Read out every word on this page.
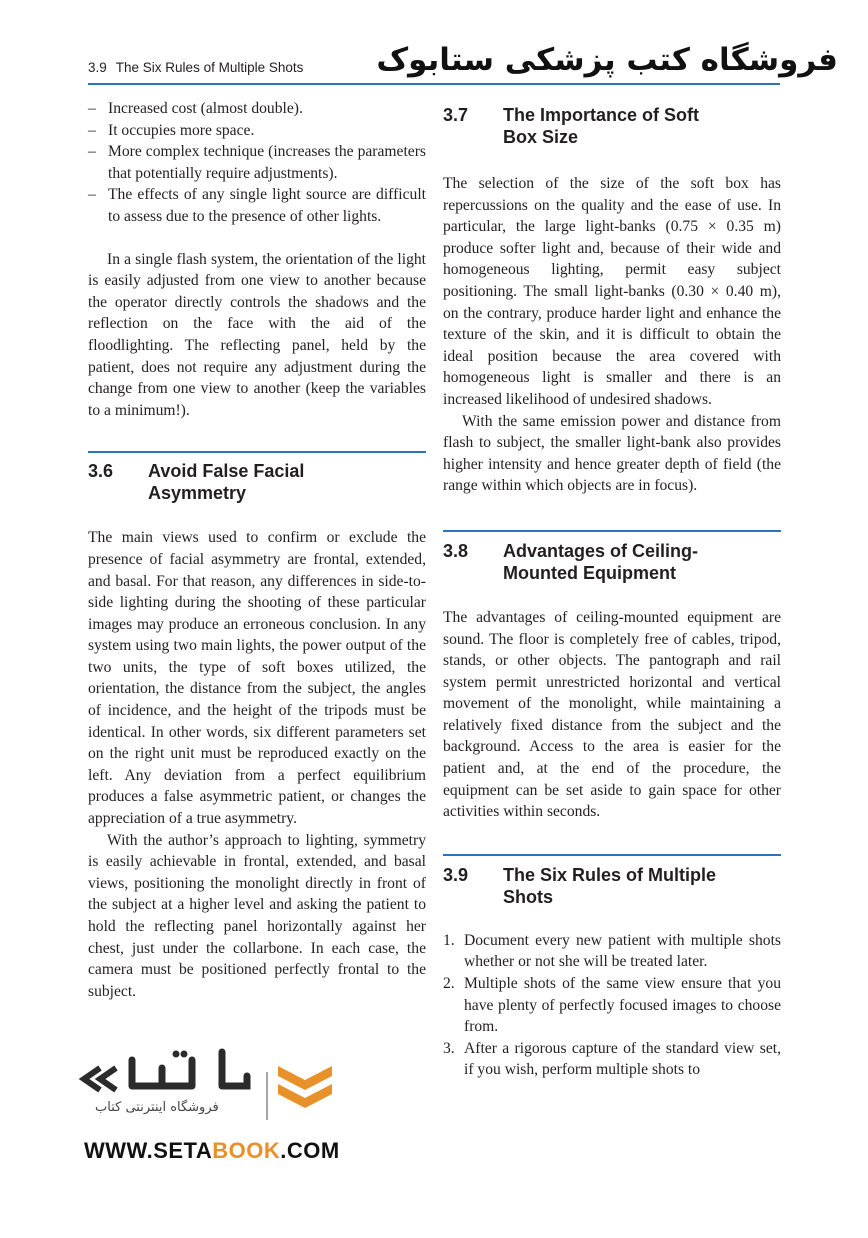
3.9 The Six Rules of Multiple Shots فروشگاه کتب پزشکی ستابوک
– Increased cost (almost double).
– It occupies more space.
– More complex technique (increases the parameters that potentially require adjustments).
– The effects of any single light source are difficult to assess due to the presence of other lights.

In a single flash system, the orientation of the light is easily adjusted from one view to another because the operator directly controls the shadows and the reflection on the face with the aid of the floodlighting. The reflecting panel, held by the patient, does not require any adjustment during the change from one view to another (keep the variables to a minimum!).

3.6	Avoid False Facial
Asymmetry

The main views used to confirm or exclude the presence of facial asymmetry are frontal, extended, and basal. For that reason, any differences in side-to-side lighting during the shooting of these particular images may produce an erroneous conclusion. In any system using two main lights, the power output of the two units, the type of soft boxes utilized, the orientation, the distance from the subject, the angles of incidence, and the height of the tripods must be identical. In other words, six different parameters set on the right unit must be reproduced exactly on the left. Any deviation from a perfect equilibrium produces a false asymmetric patient, or changes the appreciation of a true asymmetry.

With the author’s approach to lighting, symmetry is easily achievable in frontal, extended, and basal views, positioning the monolight directly in front of the subject at a higher level and asking the patient to hold the reflecting panel horizontally against her chest, just under the collarbone. In each case, the camera must be positioned perfectly frontal to the subject.

3.7	The Importance of Soft
Box Size

The selection of the size of the soft box has repercussions on the quality and the ease of use. In particular, the large light-banks (0.75 × 0.35 m) produce softer light and, because of their wide and homogeneous lighting, permit easy subject positioning. The small light-banks (0.30 × 0.40 m), on the contrary, produce harder light and enhance the texture of the skin, and it is difficult to obtain the ideal position because the area covered with homogeneous light is smaller and there is an increased likelihood of undesired shadows.

With the same emission power and distance from flash to subject, the smaller light-bank also provides higher intensity and hence greater depth of field (the range within which objects are in focus).

3.8	Advantages of Ceiling-
Mounted Equipment

The advantages of ceiling-mounted equipment are sound. The floor is completely free of cables, tripod, stands, or other objects. The pantograph and rail system permit unrestricted horizontal and vertical movement of the monolight, while maintaining a relatively fixed distance from the subject and the background. Access to the area is easier for the patient and, at the end of the procedure, the equipment can be set aside to gain space for other activities within seconds.

3.9	The Six Rules of Multiple
Shots
1. Document every new patient with multiple shots whether or not she will be treated later.
2. Multiple shots of the same view ensure that you have plenty of perfectly focused images to choose from.
3. After a rigorous capture of the standard view set, if you wish, perform multiple shots to
فروشگاه اینترنتی کتاب
WWW.SETABOOK.COM
